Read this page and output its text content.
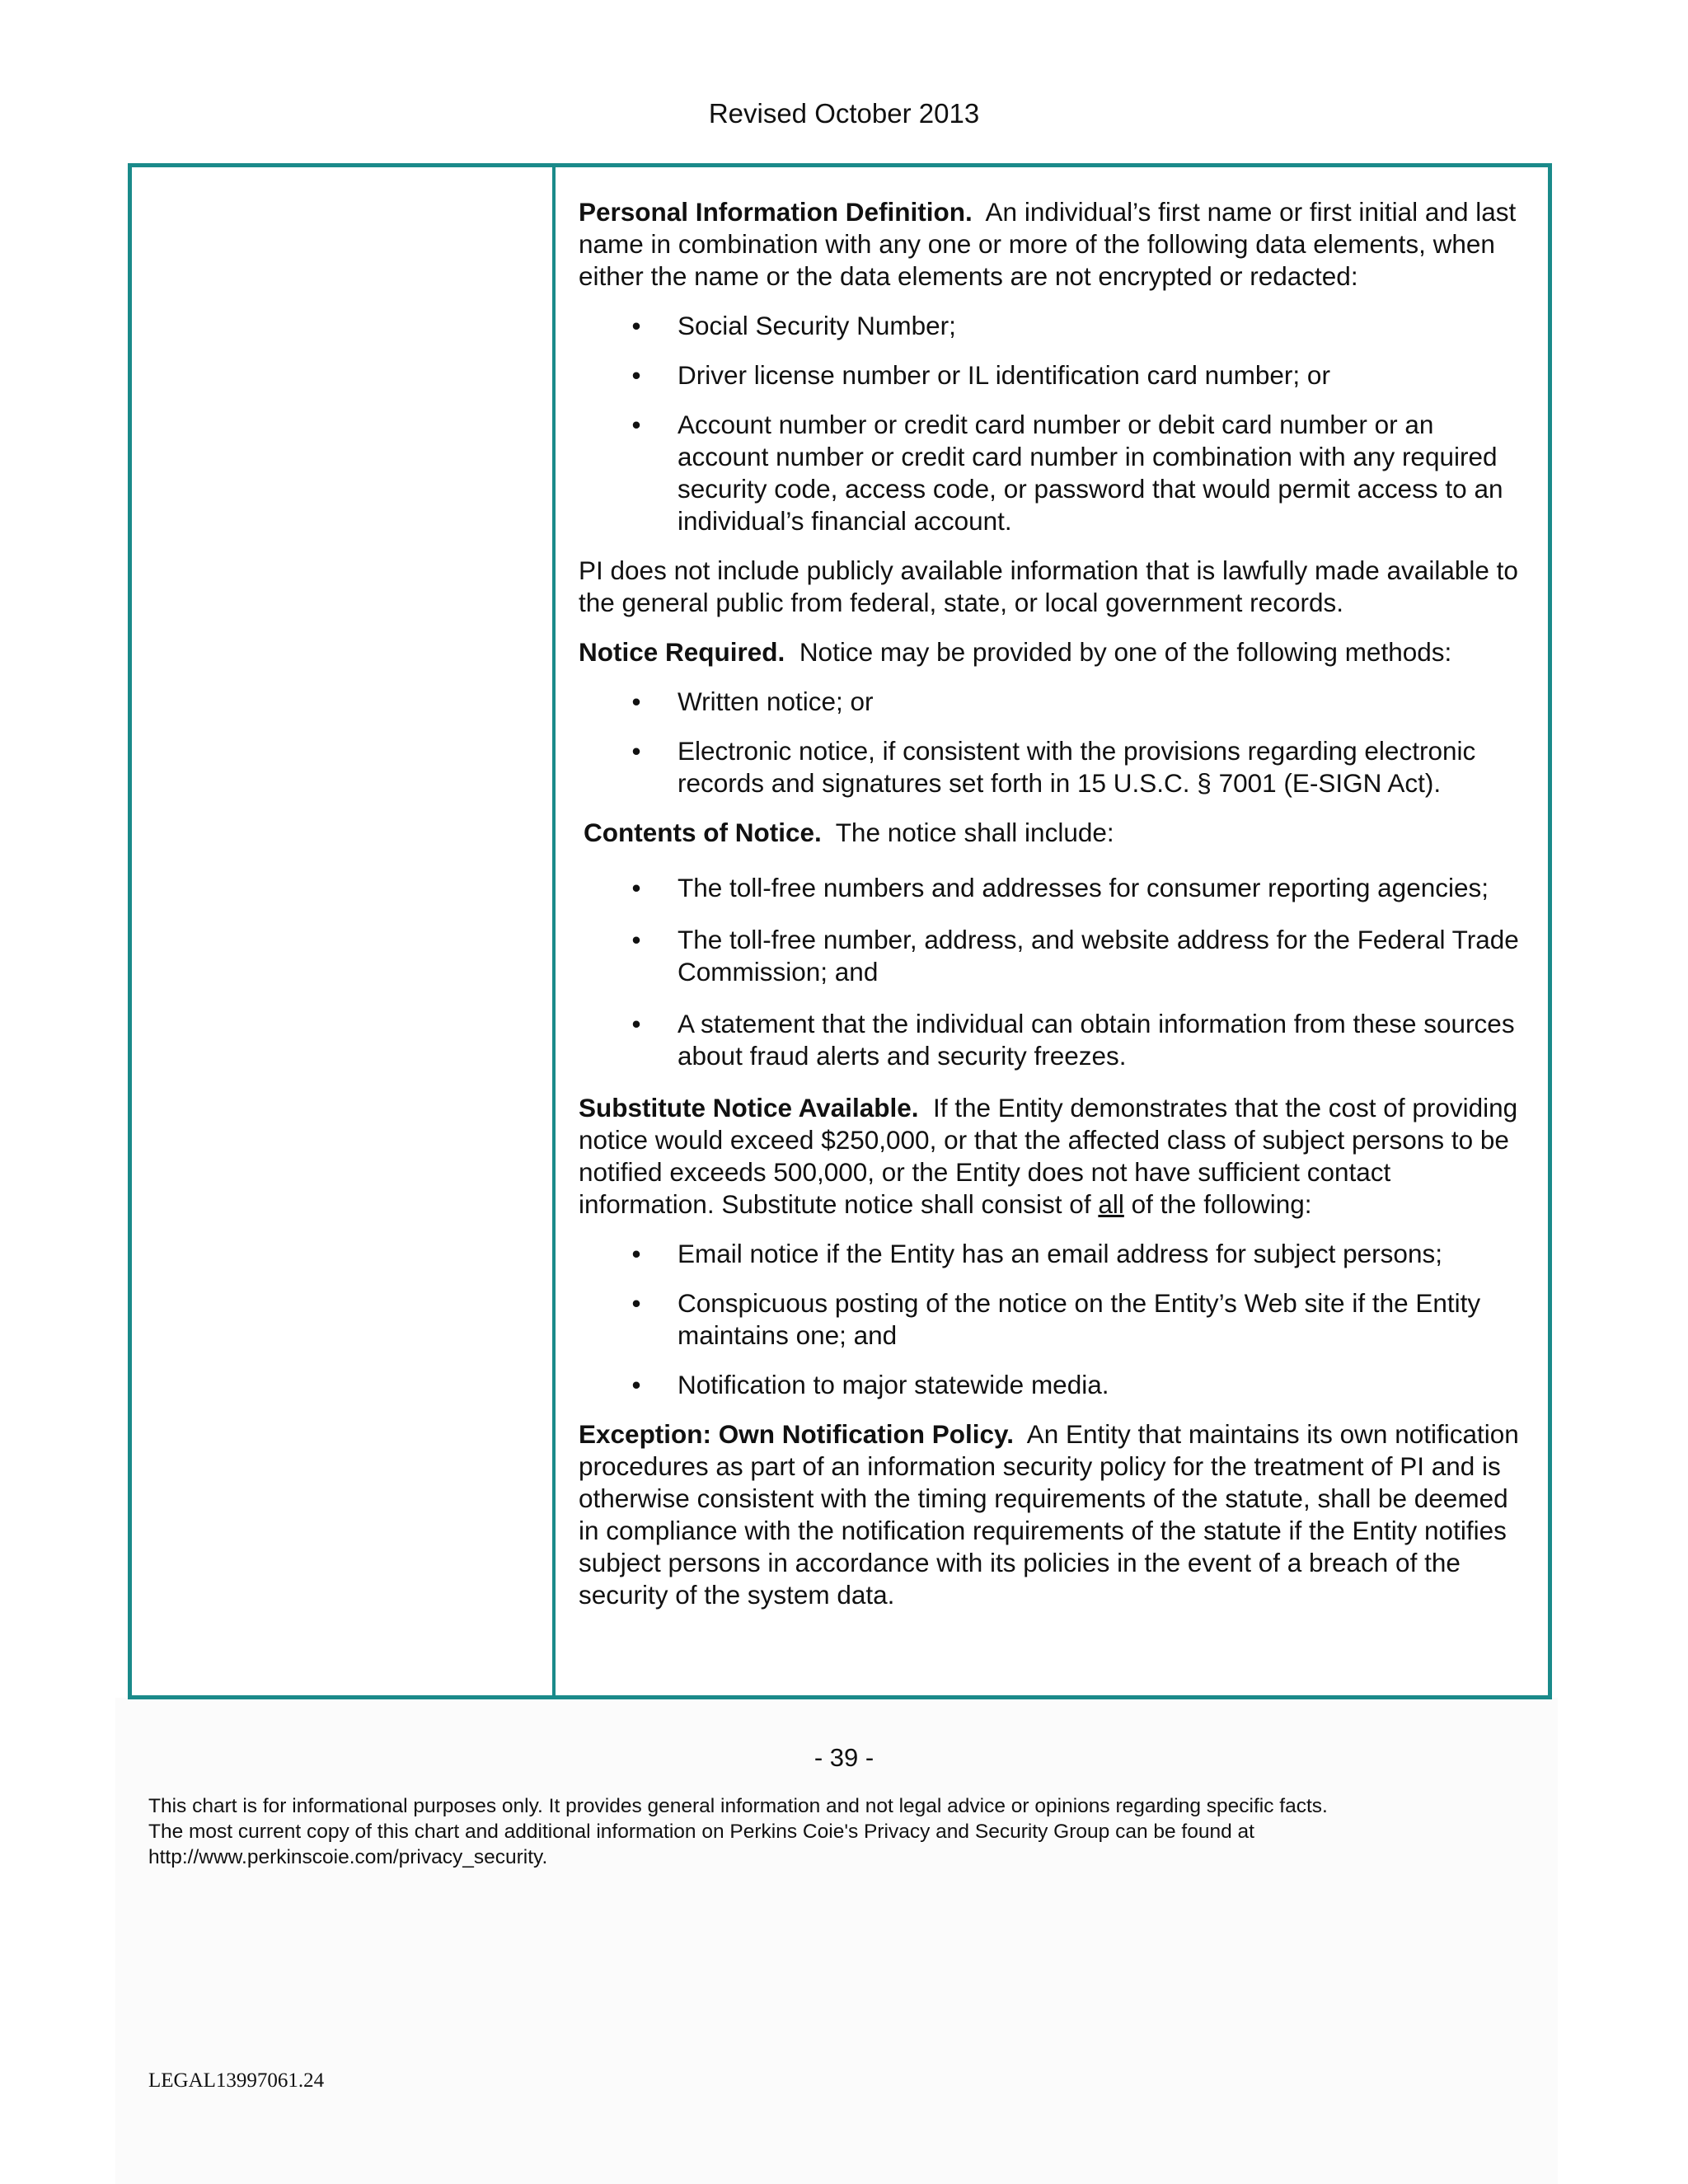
Revised October 2013

Personal Information Definition. An individual’s first name or first initial and last name in combination with any one or more of the following data elements, when either the name or the data elements are not encrypted or redacted:

• Social Security Number;
• Driver license number or IL identification card number; or
• Account number or credit card number or debit card number or an account number or credit card number in combination with any required security code, access code, or password that would permit access to an individual’s financial account.

PI does not include publicly available information that is lawfully made available to the general public from federal, state, or local government records.

Notice Required. Notice may be provided by one of the following methods:

• Written notice; or
• Electronic notice, if consistent with the provisions regarding electronic records and signatures set forth in 15 U.S.C. § 7001 (E-SIGN Act).

Contents of Notice. The notice shall include:

• The toll-free numbers and addresses for consumer reporting agencies;
• The toll-free number, address, and website address for the Federal Trade Commission; and
• A statement that the individual can obtain information from these sources about fraud alerts and security freezes.

Substitute Notice Available. If the Entity demonstrates that the cost of providing notice would exceed $250,000, or that the affected class of subject persons to be notified exceeds 500,000, or the Entity does not have sufficient contact information. Substitute notice shall consist of all of the following:

• Email notice if the Entity has an email address for subject persons;
• Conspicuous posting of the notice on the Entity’s Web site if the Entity maintains one; and
• Notification to major statewide media.

Exception: Own Notification Policy. An Entity that maintains its own notification procedures as part of an information security policy for the treatment of PI and is otherwise consistent with the timing requirements of the statute, shall be deemed in compliance with the notification requirements of the statute if the Entity notifies subject persons in accordance with its policies in the event of a breach of the security of the system data.

- 39 -
This chart is for informational purposes only. It provides general information and not legal advice or opinions regarding specific facts.
The most current copy of this chart and additional information on Perkins Coie's Privacy and Security Group can be found at
http://www.perkinscoie.com/privacy_security.
LEGAL13997061.24
